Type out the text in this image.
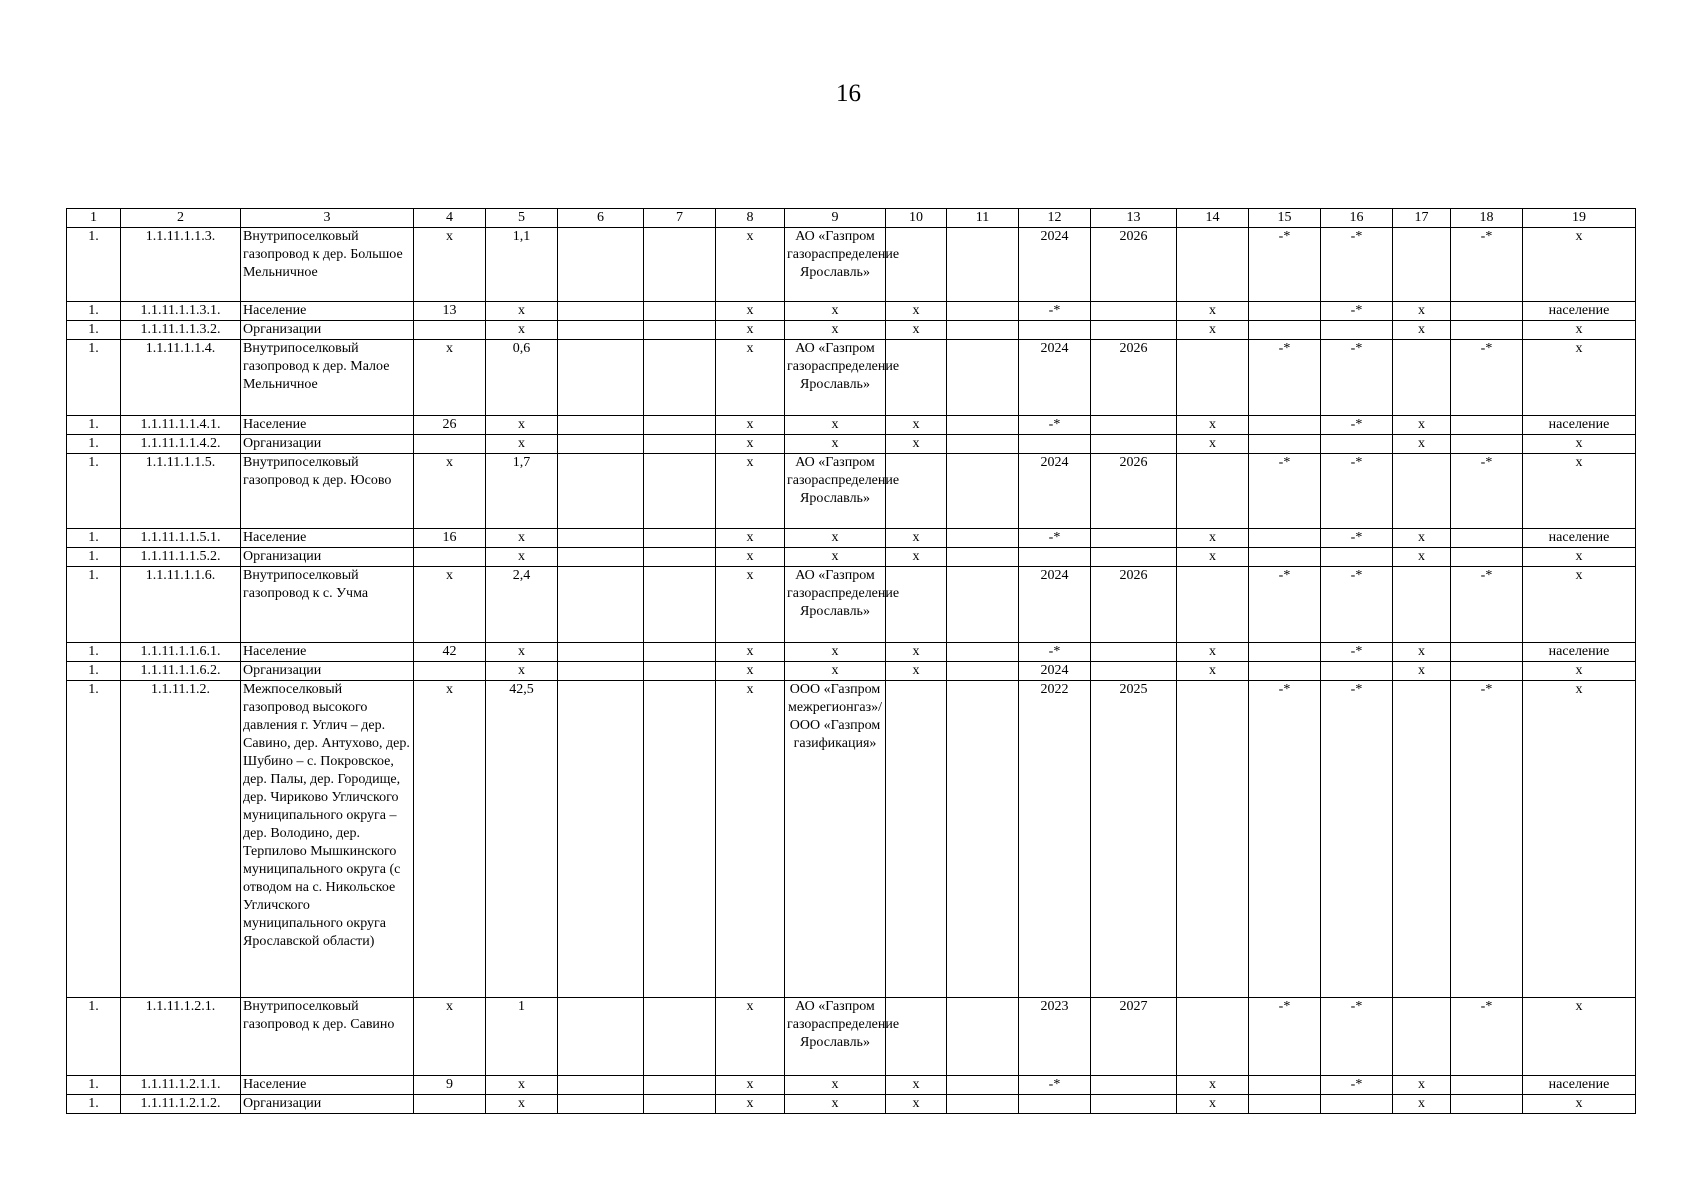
16
1	2	3	4	5	6	7	8	9	10	11	12	13	14	15	16	17	18	19
1.	1.1.11.1.1.3.	Внутрипоселковый газопровод к дер. Большое Мельничное	х	1,1			х	АО «Газпром газораспределение Ярославль»			2024	2026		-*	-*		-*	х
1.	1.1.11.1.1.3.1.	Население	13	х			х	х	х		-*		х		-*	х		население
1.	1.1.11.1.1.3.2.	Организации		х			х	х	х				х			х		х
1.	1.1.11.1.1.4.	Внутрипоселковый газопровод к дер. Малое Мельничное	х	0,6			х	АО «Газпром газораспределение Ярославль»			2024	2026		-*	-*		-*	х
1.	1.1.11.1.1.4.1.	Население	26	х			х	х	х		-*		х		-*	х		население
1.	1.1.11.1.1.4.2.	Организации		х			х	х	х				х			х		х
1.	1.1.11.1.1.5.	Внутрипоселковый газопровод к дер. Юсово	х	1,7			х	АО «Газпром газораспределение Ярославль»			2024	2026		-*	-*		-*	х
1.	1.1.11.1.1.5.1.	Население	16	х			х	х	х		-*		х		-*	х		население
1.	1.1.11.1.1.5.2.	Организации		х			х	х	х				х			х		х
1.	1.1.11.1.1.6.	Внутрипоселковый газопровод к с. Учма	х	2,4			х	АО «Газпром газораспределение Ярославль»			2024	2026		-*	-*		-*	х
1.	1.1.11.1.1.6.1.	Население	42	х			х	х	х		-*		х		-*	х		население
1.	1.1.11.1.1.6.2.	Организации		х			х	х	х		2024		х			х		х
1.	1.1.11.1.2.	Межпоселковый газопровод высокого давления г. Углич – дер. Савино, дер. Антухово, дер. Шубино – с. Покровское, дер. Палы, дер. Городище, дер. Чириково Угличского муниципального округа – дер. Володино, дер. Терпилово Мышкинского муниципального округа (с отводом на с. Никольское Угличского муниципального округа Ярославской области)	х	42,5			х	ООО «Газпром межрегионгаз»/ ООО «Газпром газификация»			2022	2025		-*	-*		-*	х
1.	1.1.11.1.2.1.	Внутрипоселковый газопровод к дер. Савино	х	1			х	АО «Газпром газораспределение Ярославль»			2023	2027		-*	-*		-*	х
1.	1.1.11.1.2.1.1.	Население	9	х			х	х	х		-*		х		-*	х		население
1.	1.1.11.1.2.1.2.	Организации		х			х	х	х				х			х		х
